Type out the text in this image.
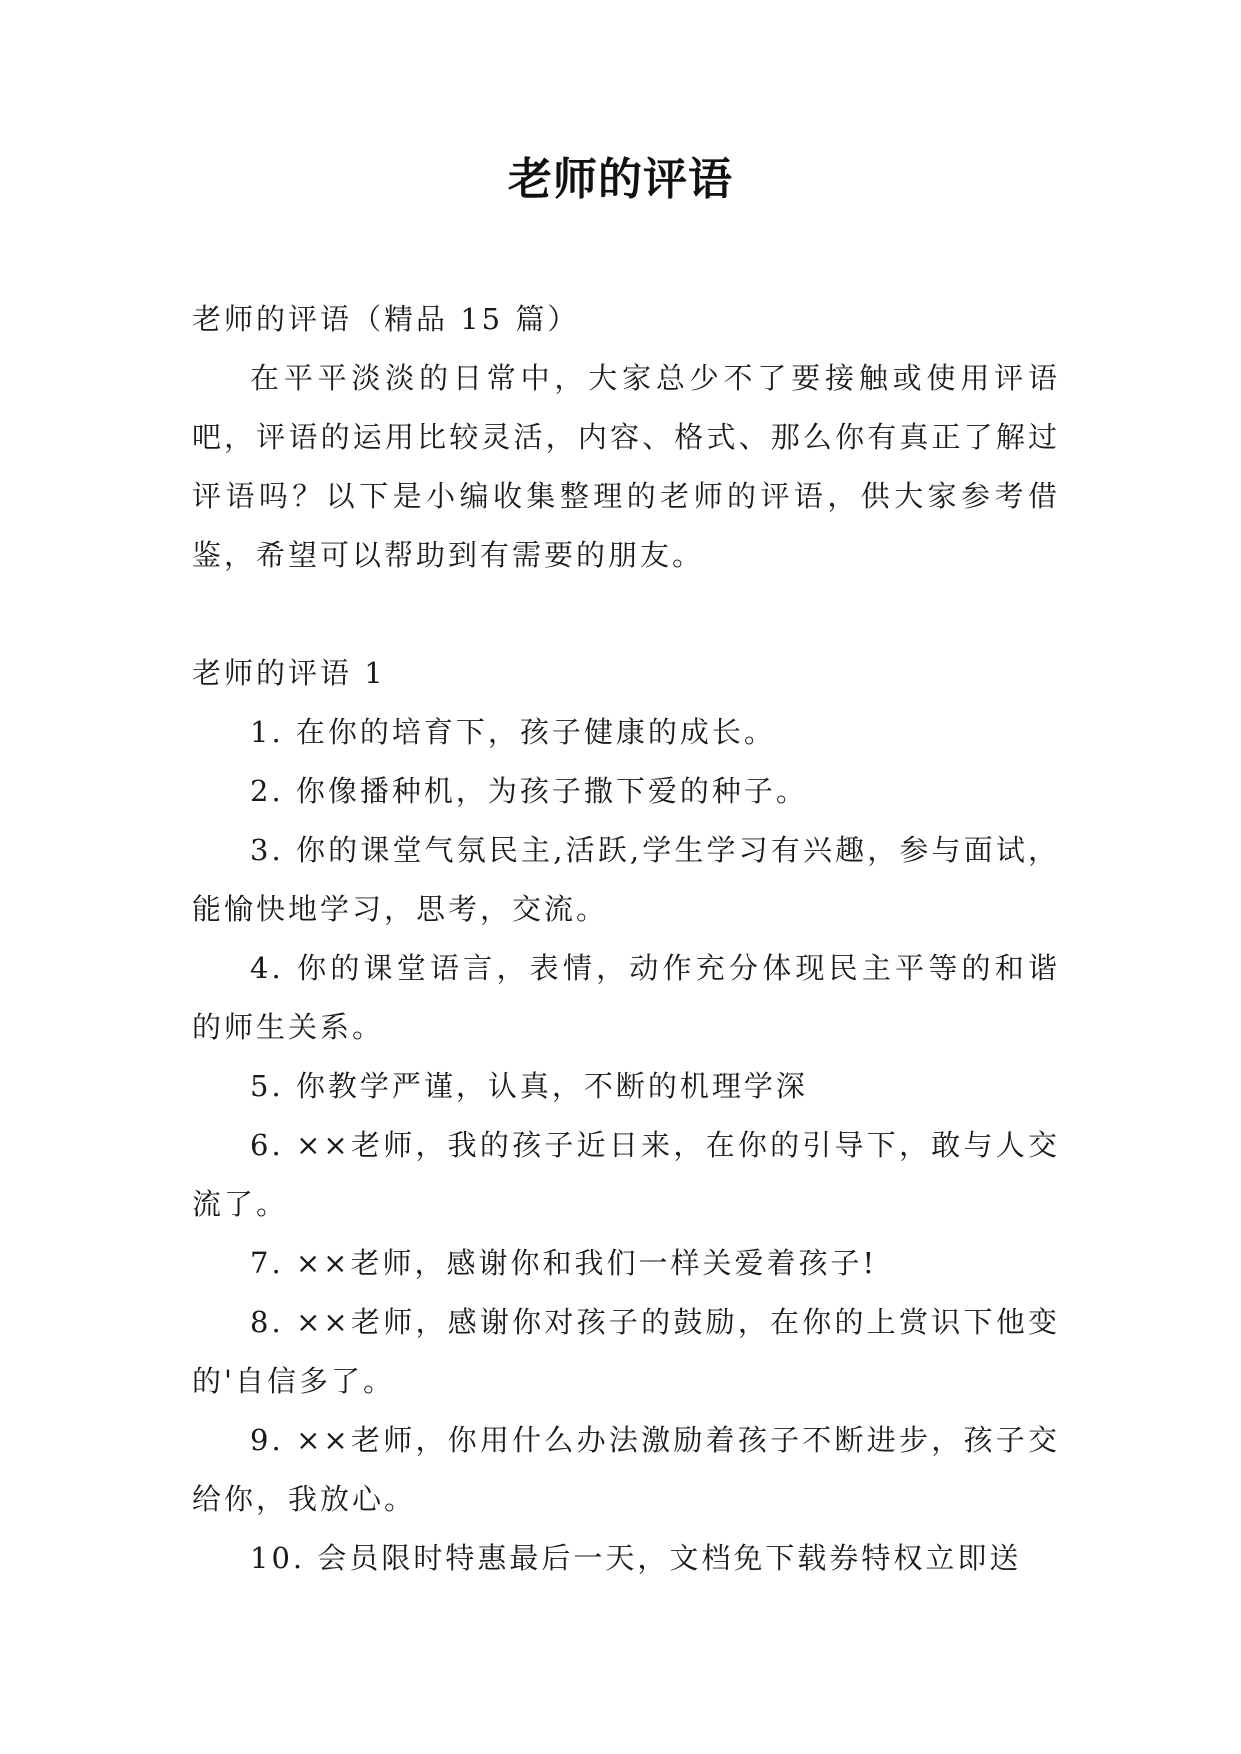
老师的评语

老师的评语（精品 15 篇）

在平平淡淡的日常中，大家总少不了要接触或使用评语吧，评语的运用比较灵活，内容、格式、那么你有真正了解过评语吗？以下是小编收集整理的老师的评语，供大家参考借鉴，希望可以帮助到有需要的朋友。

老师的评语 1

1. 在你的培育下，孩子健康的成长。

2. 你像播种机，为孩子撒下爱的种子。

3. 你的课堂气氛民主,活跃,学生学习有兴趣，参与面试，能愉快地学习，思考，交流。

4. 你的课堂语言，表情，动作充分体现民主平等的和谐的师生关系。

5. 你教学严谨，认真，不断的机理学深

6. ××老师，我的孩子近日来，在你的引导下，敢与人交流了。

7. ××老师，感谢你和我们一样关爱着孩子!

8. ××老师，感谢你对孩子的鼓励，在你的上赏识下他变的'自信多了。

9. ××老师，你用什么办法激励着孩子不断进步，孩子交给你，我放心。

10. 会员限时特惠最后一天，文档免下载券特权立即送
